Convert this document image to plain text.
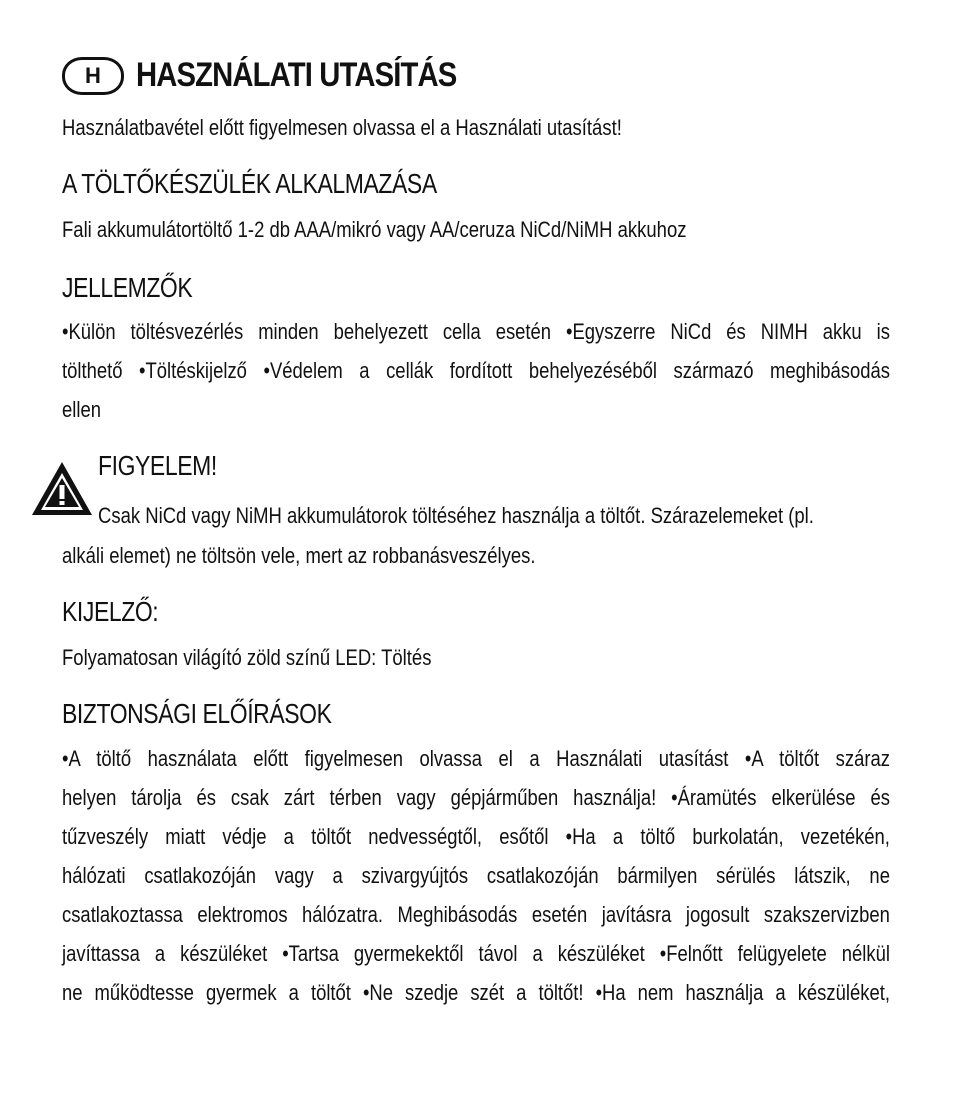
H	HASZNÁLATI UTASÍTÁS
Használatbavétel előtt figyelmesen olvassa el a Használati utasítást!
A TÖLTŐKÉSZÜLÉK ALKALMAZÁSA
Fali akkumulátortöltő 1-2 db AAA/mikró vagy AA/ceruza NiCd/NiMH akkuhoz
JELLEMZŐK
•Külön töltésvezérlés minden behelyezett cella esetén •Egyszerre NiCd és NIMH akku is
tölthető •Töltéskijelző •Védelem a cellák fordított behelyezéséből származó meghibásodás
ellen
FIGYELEM!
Csak NiCd vagy NiMH akkumulátorok töltéséhez használja a töltőt. Szárazelemeket (pl.
alkáli elemet) ne töltsön vele, mert az robbanásveszélyes.
KIJELZŐ:
Folyamatosan világító zöld színű LED: Töltés
BIZTONSÁGI ELŐÍRÁSOK
•A töltő használata előtt figyelmesen olvassa el a Használati utasítást •A töltőt száraz
helyen tárolja és csak zárt térben vagy gépjárműben használja! •Áramütés elkerülése és
tűzveszély miatt védje a töltőt nedvességtől, esőtől •Ha a töltő burkolatán, vezetékén,
hálózati csatlakozóján vagy a szivargyújtós csatlakozóján bármilyen sérülés látszik, ne
csatlakoztassa elektromos hálózatra. Meghibásodás esetén javításra jogosult szakszervizben
javíttassa a készüléket •Tartsa gyermekektől távol a készüléket •Felnőtt felügyelete nélkül
ne működtesse gyermek a töltőt •Ne szedje szét a töltőt! •Ha nem használja a készüléket,
